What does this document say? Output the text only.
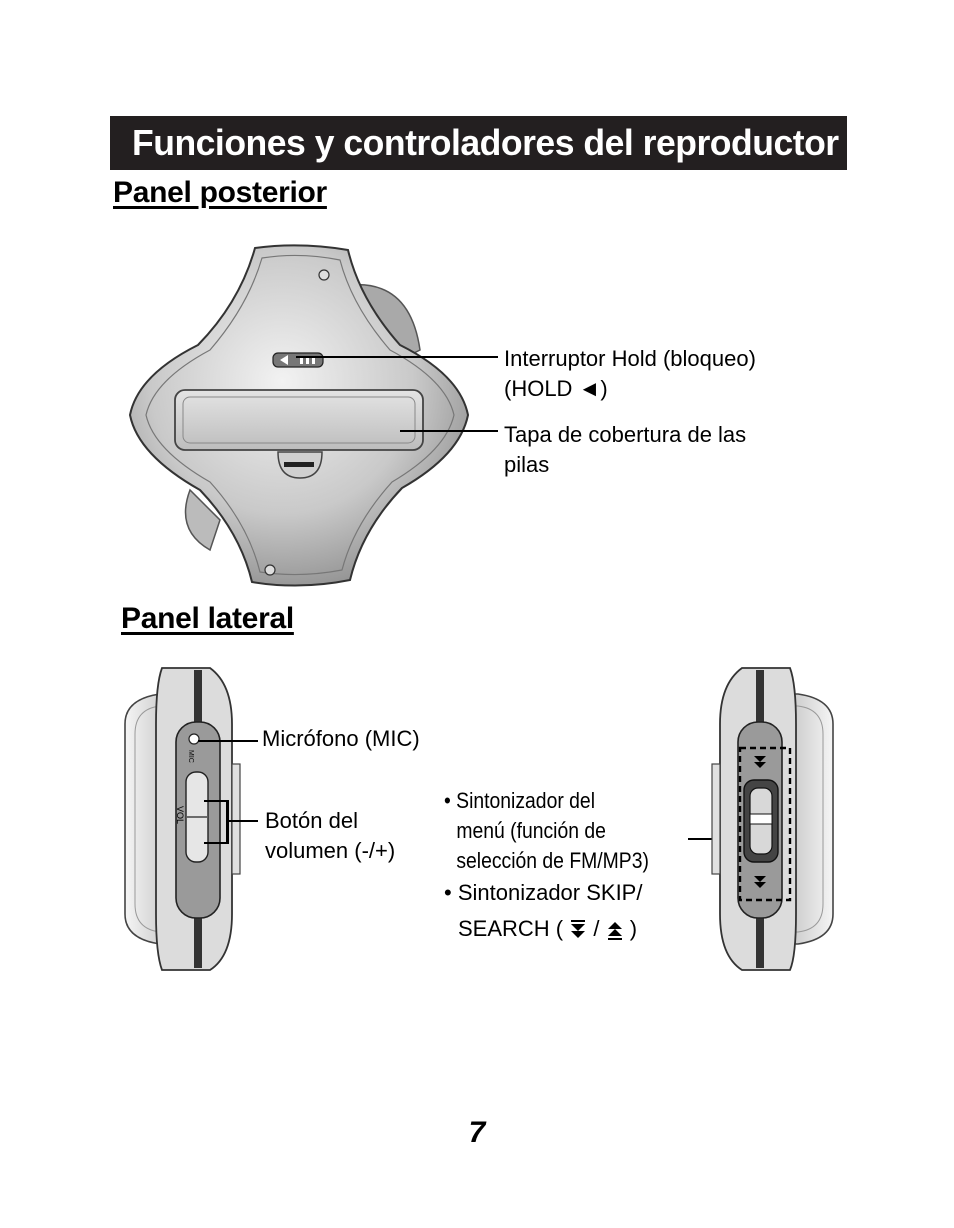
Funciones y controladores del reproductor
Panel posterior
Interruptor Hold (bloqueo)
(HOLD ◄)
Tapa de cobertura de las
pilas
Panel lateral
MIC
VOL
Micrófono (MIC)
Botón del
volumen (-/+)
• Sintonizador del
menú (función de
selección de FM/MP3)
• Sintonizador SKIP/
SEARCH ( / )
7
